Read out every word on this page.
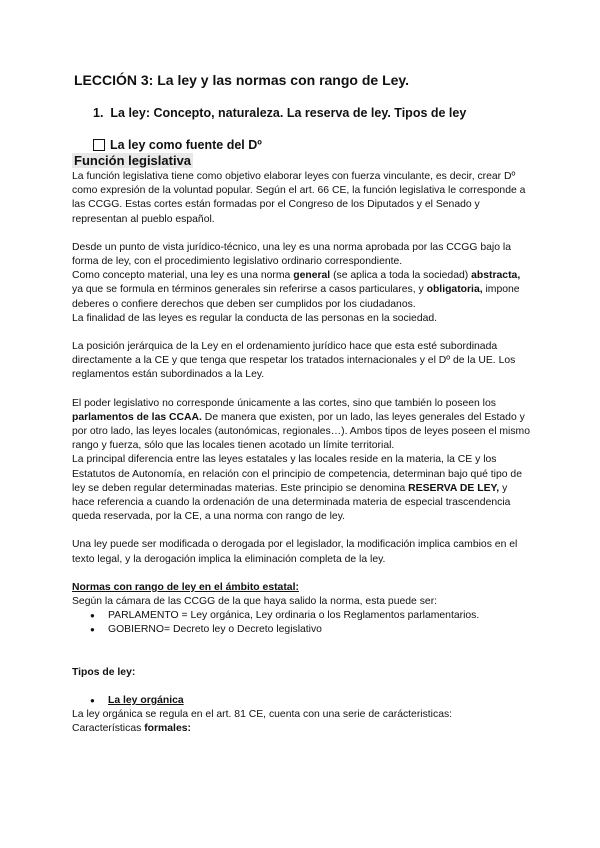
LECCIÓN 3: La ley y las normas con rango de Ley.
1. La ley: Concepto, naturaleza. La reserva de ley. Tipos de ley
La ley como fuente del Dº
Función legislativa

La función legislativa tiene como objetivo elaborar leyes con fuerza vinculante, es decir, crear Dº como expresión de la voluntad popular. Según el art. 66 CE, la función legislativa le corresponde a las CCGG. Estas cortes están formadas por el Congreso de los Diputados y el Senado y representan al pueblo español.

Desde un punto de vista jurídico-técnico, una ley es una norma aprobada por las CCGG bajo la forma de ley, con el procedimiento legislativo ordinario correspondiente.

Como concepto material, una ley es una norma general (se aplica a toda la sociedad) abstracta, ya que se formula en términos generales sin referirse a casos particulares, y obligatoria, impone deberes o confiere derechos que deben ser cumplidos por los ciudadanos.

La finalidad de las leyes es regular la conducta de las personas en la sociedad.

La posición jerárquica de la Ley en el ordenamiento jurídico hace que esta esté subordinada directamente a la CE y que tenga que respetar los tratados internacionales y el Dº de la UE. Los reglamentos están subordinados a la Ley.

El poder legislativo no corresponde únicamente a las cortes, sino que también lo poseen los parlamentos de las CCAA. De manera que existen, por un lado, las leyes generales del Estado y por otro lado, las leyes locales (autonómicas, regionales…). Ambos tipos de leyes poseen el mismo rango y fuerza, sólo que las locales tienen acotado un límite territorial.

La principal diferencia entre las leyes estatales y las locales reside en la materia, la CE y los Estatutos de Autonomía, en relación con el principio de competencia, determinan bajo qué tipo de ley se deben regular determinadas materias. Este principio se denomina RESERVA DE LEY, y hace referencia a cuando la ordenación de una determinada materia de especial trascendencia queda reservada, por la CE, a una norma con rango de ley.

Una ley puede ser modificada o derogada por el legislador, la modificación implica cambios en el texto legal, y la derogación implica la eliminación completa de la ley.

Normas con rango de ley en el ámbito estatal:

Según la cámara de las CCGG de la que haya salido la norma, esta puede ser:

● PARLAMENTO = Ley orgánica, Ley ordinaria o los Reglamentos parlamentarios.
● GOBIERNO= Decreto ley o Decreto legislativo

Tipos de ley:

● La ley orgánica

La ley orgánica se regula en el art. 81 CE, cuenta con una serie de carácteristicas:

Características formales:
